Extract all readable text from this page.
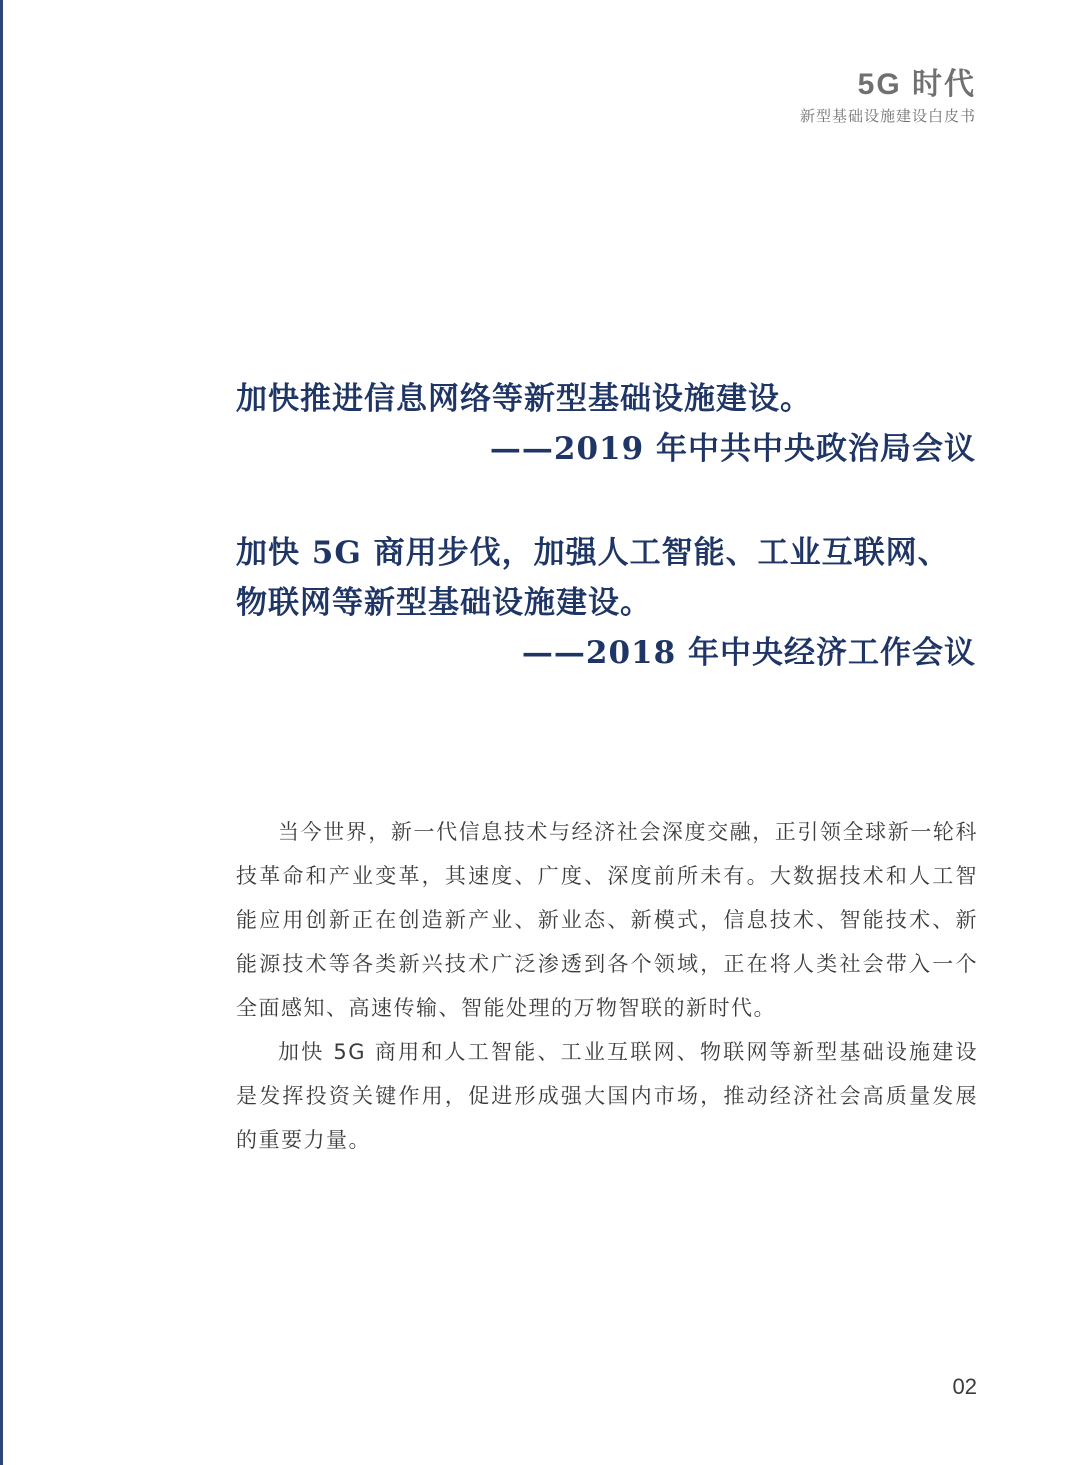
5G 时代
新型基础设施建设白皮书

加快推进信息网络等新型基础设施建设。

——2019 年中共中央政治局会议

加快 5G 商用步伐，加强人工智能、工业互联网、物联网等新型基础设施建设。

——2018 年中央经济工作会议

当今世界，新一代信息技术与经济社会深度交融，正引领全球新一轮科技革命和产业变革，其速度、广度、深度前所未有。大数据技术和人工智能应用创新正在创造新产业、新业态、新模式，信息技术、智能技术、新能源技术等各类新兴技术广泛渗透到各个领域，正在将人类社会带入一个全面感知、高速传输、智能处理的万物智联的新时代。

加快 5G 商用和人工智能、工业互联网、物联网等新型基础设施建设是发挥投资关键作用，促进形成强大国内市场，推动经济社会高质量发展的重要力量。

02
